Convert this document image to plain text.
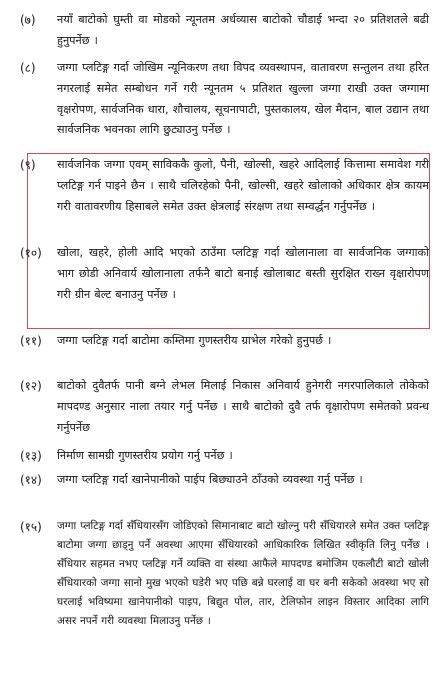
(७) नयाँ बाटोको घुम्ती वा मोडको न्यूनतम अर्धव्यास बाटोको चौडाई भन्दा २० प्रतिशतले बढी हुनुपर्नेछ ।
(८) जग्गा प्लटिङ्ग गर्दा जोखिम न्यूनिकरण तथा विपद व्यवस्थापन, वातावरण सन्तुलन तथा हरित नगरलाई समेत सम्बोधन गर्ने गरी न्यूनतम ५ प्रतिशत खुल्ला जग्गा राखी उक्त जग्गामा वृक्षरोपण, सार्वजनिक धारा, शौचालय, सूचनापाटी, पुस्तकालय, खेल मैदान, बाल उद्यान तथा सार्वजनिक भवनका लागि छुट्याउनु पर्नेछ ।
(९) सार्वजनिक जग्गा एवम् साविककै कुलो, पैनी, खोल्सी, खहरे आदिलाई कित्तामा समावेश गरी प्लटिङ्ग गर्न पाइने छैन । साथै चलिरहेको पैनी, खोल्सी, खहरे खोलाको अधिकार क्षेत्र कायम गरी वातावरणीय हिसाबले समेत उक्त क्षेत्रलाई संरक्षण तथा सम्वर्द्धन गर्नुपर्नेछ ।
(१०) खोला, खहरे, होली आदि भएको ठाउँमा प्लटिङ्ग गर्दा खोलानाला वा सार्वजनिक जग्गाको भाग छोडी अनिवार्य खोलानाला तर्फनै बाटो बनाई खोलाबाट बस्ती सुरक्षित राख्न वृक्षारोपण गरी ग्रीन बेल्ट बनाउनु पर्नेछ ।
(११) जग्गा प्लटिङ्ग गर्दा बाटोमा कम्तिमा गुणस्तरीय ग्राभेल गरेको हुनुपर्छ ।
(१२) बाटोको दुवैतर्फ पानी बग्ने लेभल मिलाई निकास अनिवार्य हुनेगरी नगरपालिकाले तोकेको मापदण्ड अनुसार नाला तयार गर्नु पर्नेछ । साथै बाटोको दुवै तर्फ वृक्षारोपण समेतको प्रवन्ध गर्नुपर्नेछ
(१३) निर्माण सामग्री गुणस्तरीय प्रयोग गर्नु पर्नेछ ।
(१४) जग्गा प्लटिङ्ग गर्दा खानेपानीको पाईप बिछ्याउने ठाँउको व्यवस्था गर्नु पर्नेछ ।
(१५) जग्गा प्लटिङ्ग गर्दा सँधियारसँग जोडिएको सिमानाबाट बाटो खोल्नु परी सँधियारले समेत उक्त प्लटिङ्ग बाटोमा जग्गा छाड्नु पर्ने अवस्था आएमा सँधियारको आधिकारिक लिखित स्वीकृति लिनु पर्नेछ । सँधियार सहमत नभए प्लटिङ्ग गर्ने व्यक्ति वा संस्था आफैले मापदण्ड बमोजिम एकलौटी बाटो खोली सँधियारको जग्गा सानो मुख भएको घडेरी भए पछि बन्ने घरलाई वा घर बनी सकेको अवस्था भए सो घरलाई भविष्यमा खानेपानीको पाइप, बिद्युत पोल, तार, टेलिफोन लाइन विस्तार आदिका लागि असर नपर्ने गरी व्यवस्था मिलाउनु पर्नेछ ।
